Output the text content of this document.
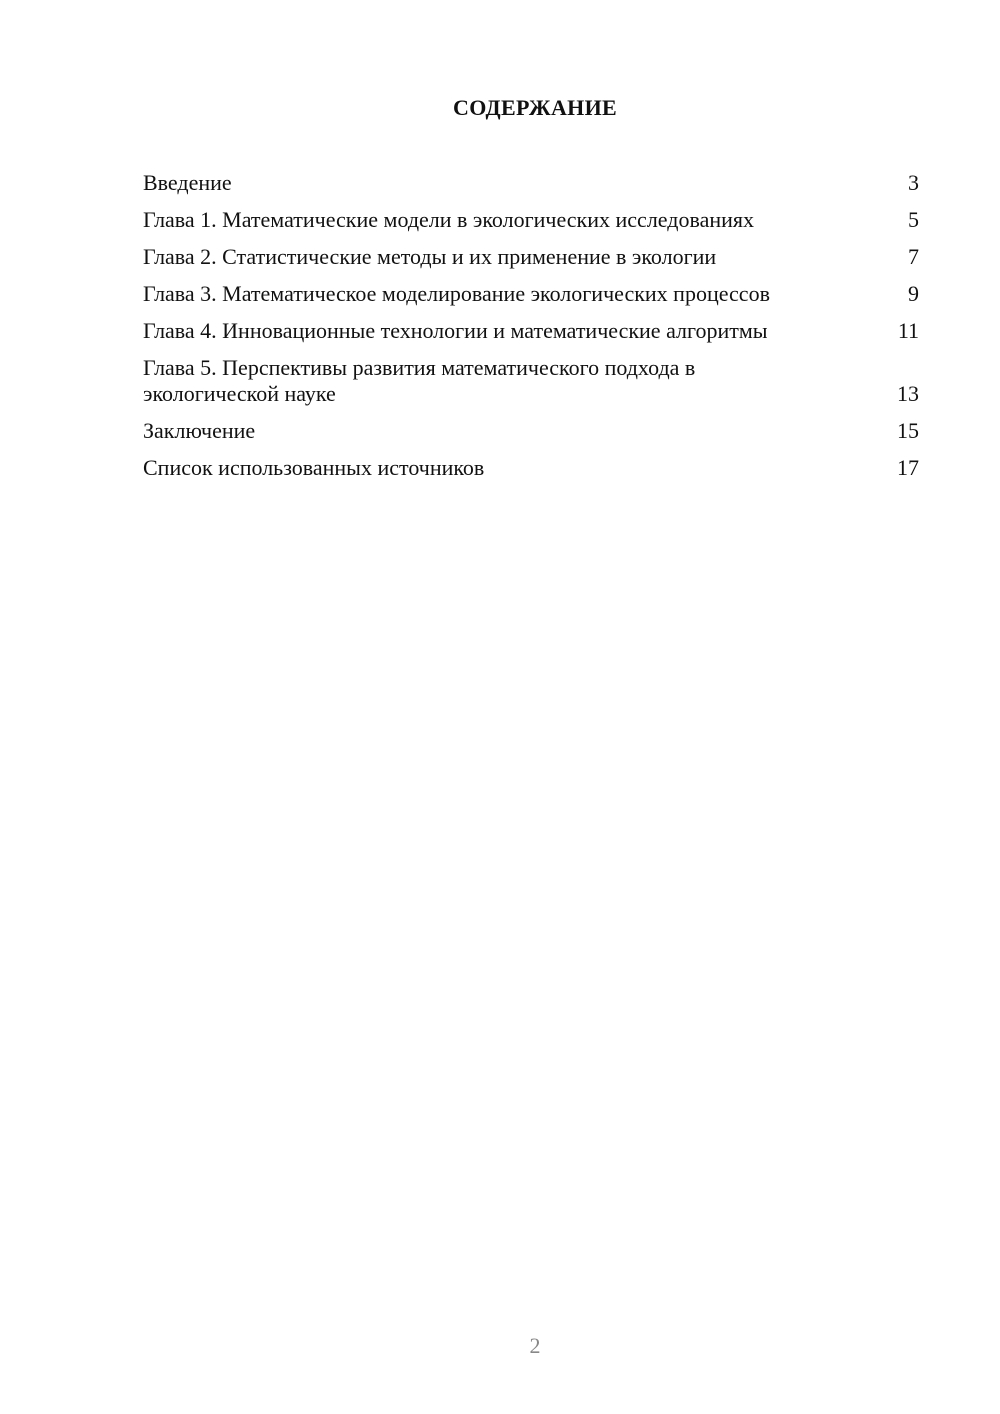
СОДЕРЖАНИЕ
Введение	3
Глава 1. Математические модели в экологических исследованиях	5
Глава 2. Статистические методы и их применение в экологии	7
Глава 3. Математическое моделирование экологических процессов	9
Глава 4. Инновационные технологии и математические алгоритмы	11
Глава 5. Перспективы развития математического подхода в экологической науке	13
Заключение	15
Список использованных источников	17
2
